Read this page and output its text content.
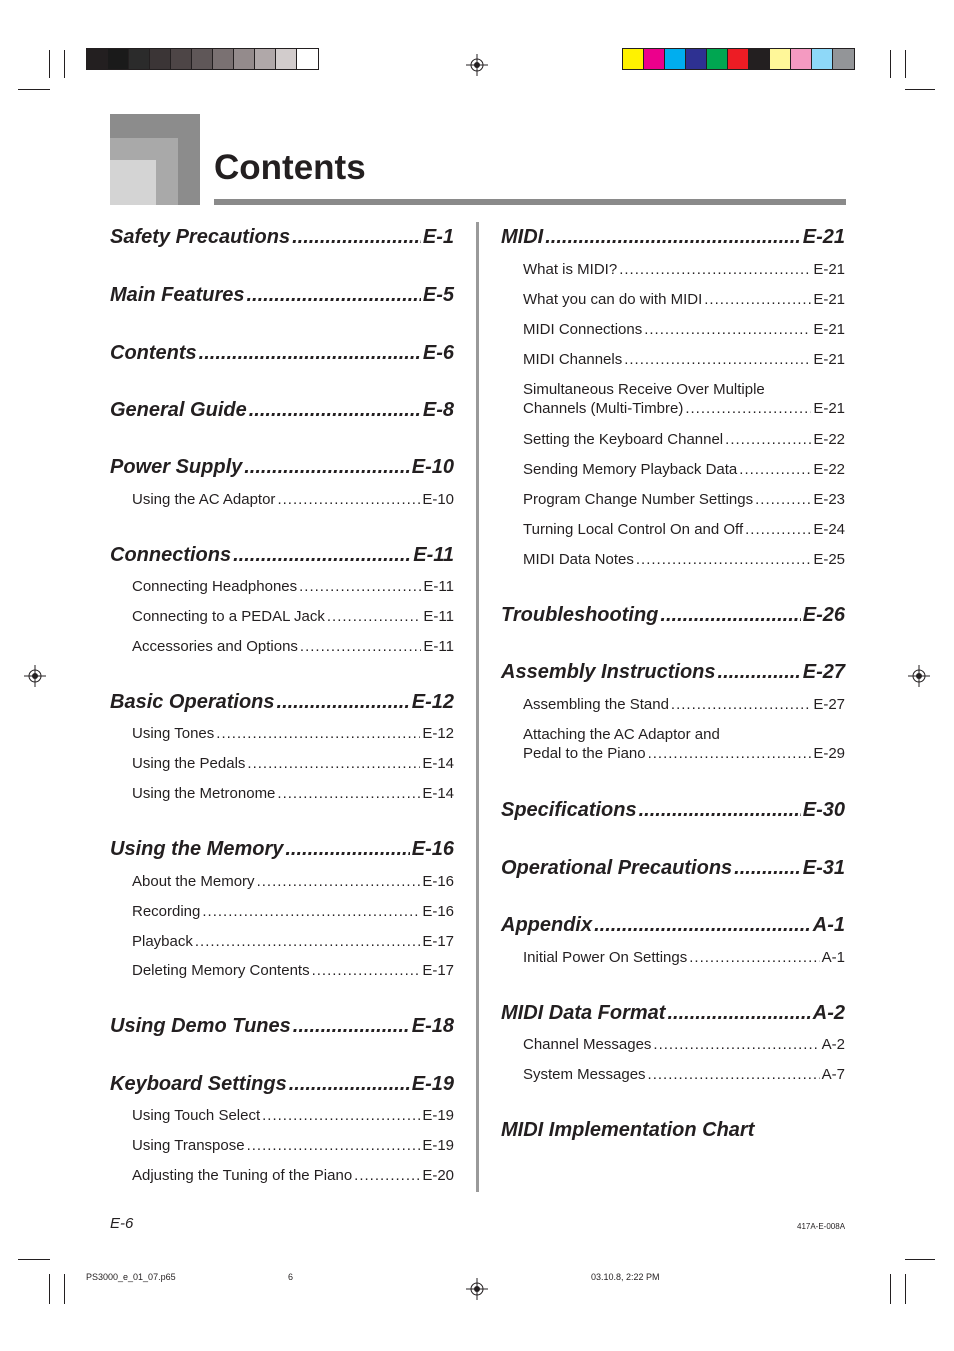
Contents
Safety Precautions .....	E-1
Main Features .....	E-5
Contents .....	E-6
General Guide .....	E-8
Power Supply .....	E-10
Using the AC Adaptor .....	E-10
Connections .....	E-11
Connecting Headphones .....	E-11
Connecting to a PEDAL Jack .....	E-11
Accessories and Options .....	E-11
Basic Operations .....	E-12
Using Tones .....	E-12
Using the Pedals .....	E-14
Using the Metronome .....	E-14
Using the Memory .....	E-16
About the Memory .....	E-16
Recording .....	E-16
Playback .....	E-17
Deleting Memory Contents .....	E-17
Using Demo Tunes .....	E-18
Keyboard Settings .....	E-19
Using Touch Select .....	E-19
Using Transpose .....	E-19
Adjusting the Tuning of the Piano .....	E-20
MIDI .....	E-21
What is MIDI? .....	E-21
What you can do with MIDI .....	E-21
MIDI Connections .....	E-21
MIDI Channels .....	E-21
Simultaneous Receive Over Multiple
Channels (Multi-Timbre) .....	E-21
Setting the Keyboard Channel .....	E-22
Sending Memory Playback Data .....	E-22
Program Change Number Settings .....	E-23
Turning Local Control On and Off .....	E-24
MIDI Data Notes .....	E-25
Troubleshooting .....	E-26
Assembly Instructions .....	E-27
Assembling the Stand .....	E-27
Attaching the AC Adaptor and
Pedal to the Piano .....	E-29
Specifications .....	E-30
Operational Precautions .....	E-31
Appendix .....	A-1
Initial Power On Settings .....	A-1
MIDI Data Format .....	A-2
Channel Messages .....	A-2
System Messages .....	A-7
MIDI Implementation Chart
E-6	417A-E-008A
PS3000_e_01_07.p65	6	03.10.8, 2:22 PM
